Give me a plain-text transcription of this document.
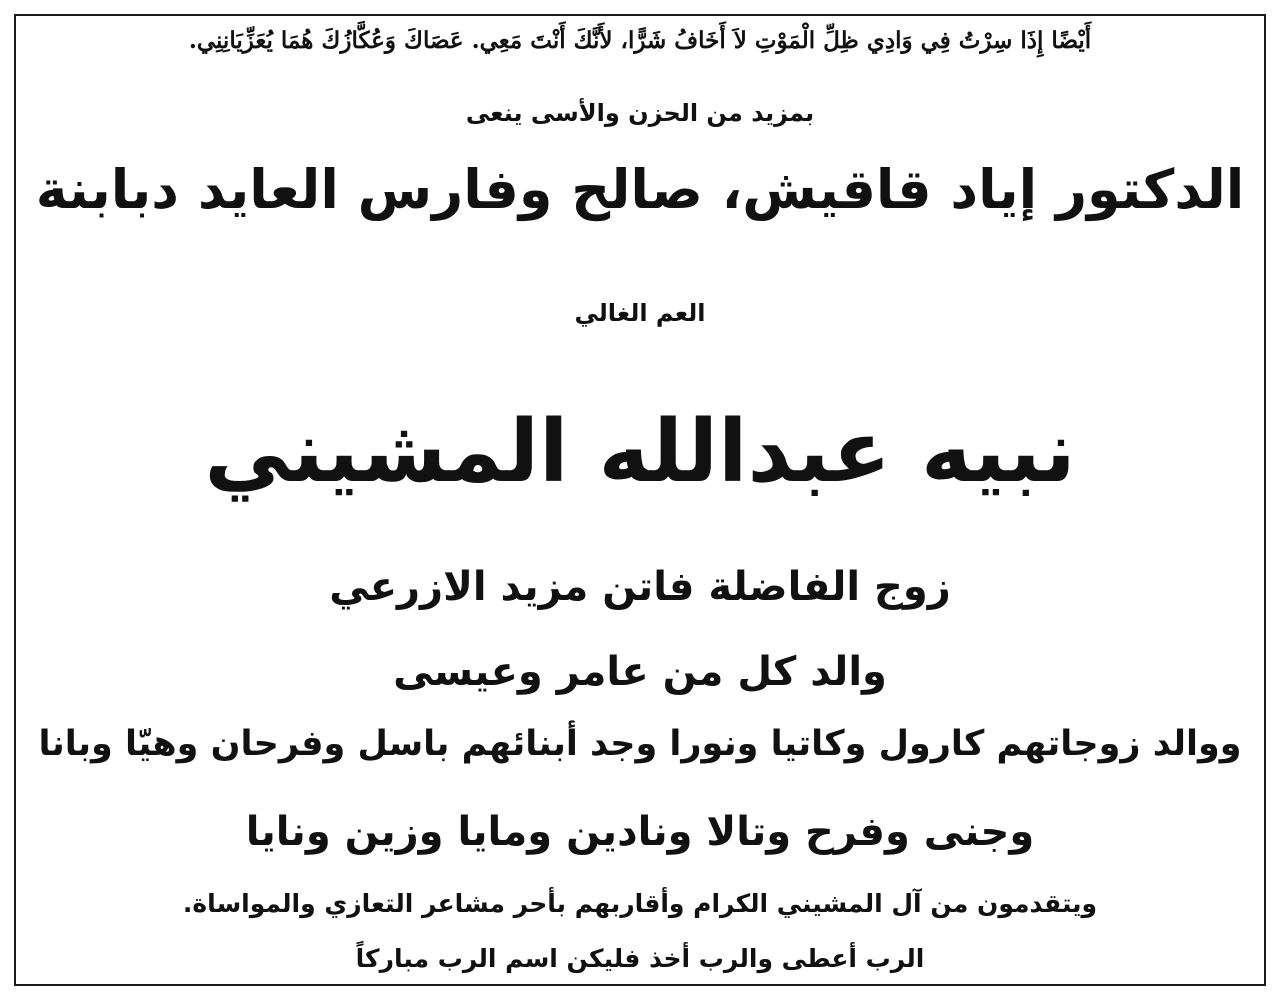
أَيْضًا إِذَا سِرْتُ فِي وَادِي ظِلِّ الْمَوْتِ لاَ أَخَافُ شَرًّا، لأَنَّكَ أَنْتَ مَعِي. عَصَاكَ وَعُكَّازُكَ هُمَا يُعَزِّيَانِنِي.

بمزيد من الحزن والأسى ينعى

الدكتور إياد قاقيش، صالح وفارس العايد دبابنة

العم الغالي

نبيه عبدالله المشيني

زوج الفاضلة فاتن مزيد الازرعي

والد كل من عامر وعيسى

ووالد زوجاتهم كارول وكاتيا ونورا وجد أبنائهم باسل وفرحان وهيّا وبانا

وجنى وفرح وتالا ونادين ومايا وزين ونايا

ويتقدمون من آل المشيني الكرام وأقاربهم بأحر مشاعر التعازي والمواساة.

الرب أعطى والرب أخذ فليكن اسم الرب مباركاً
